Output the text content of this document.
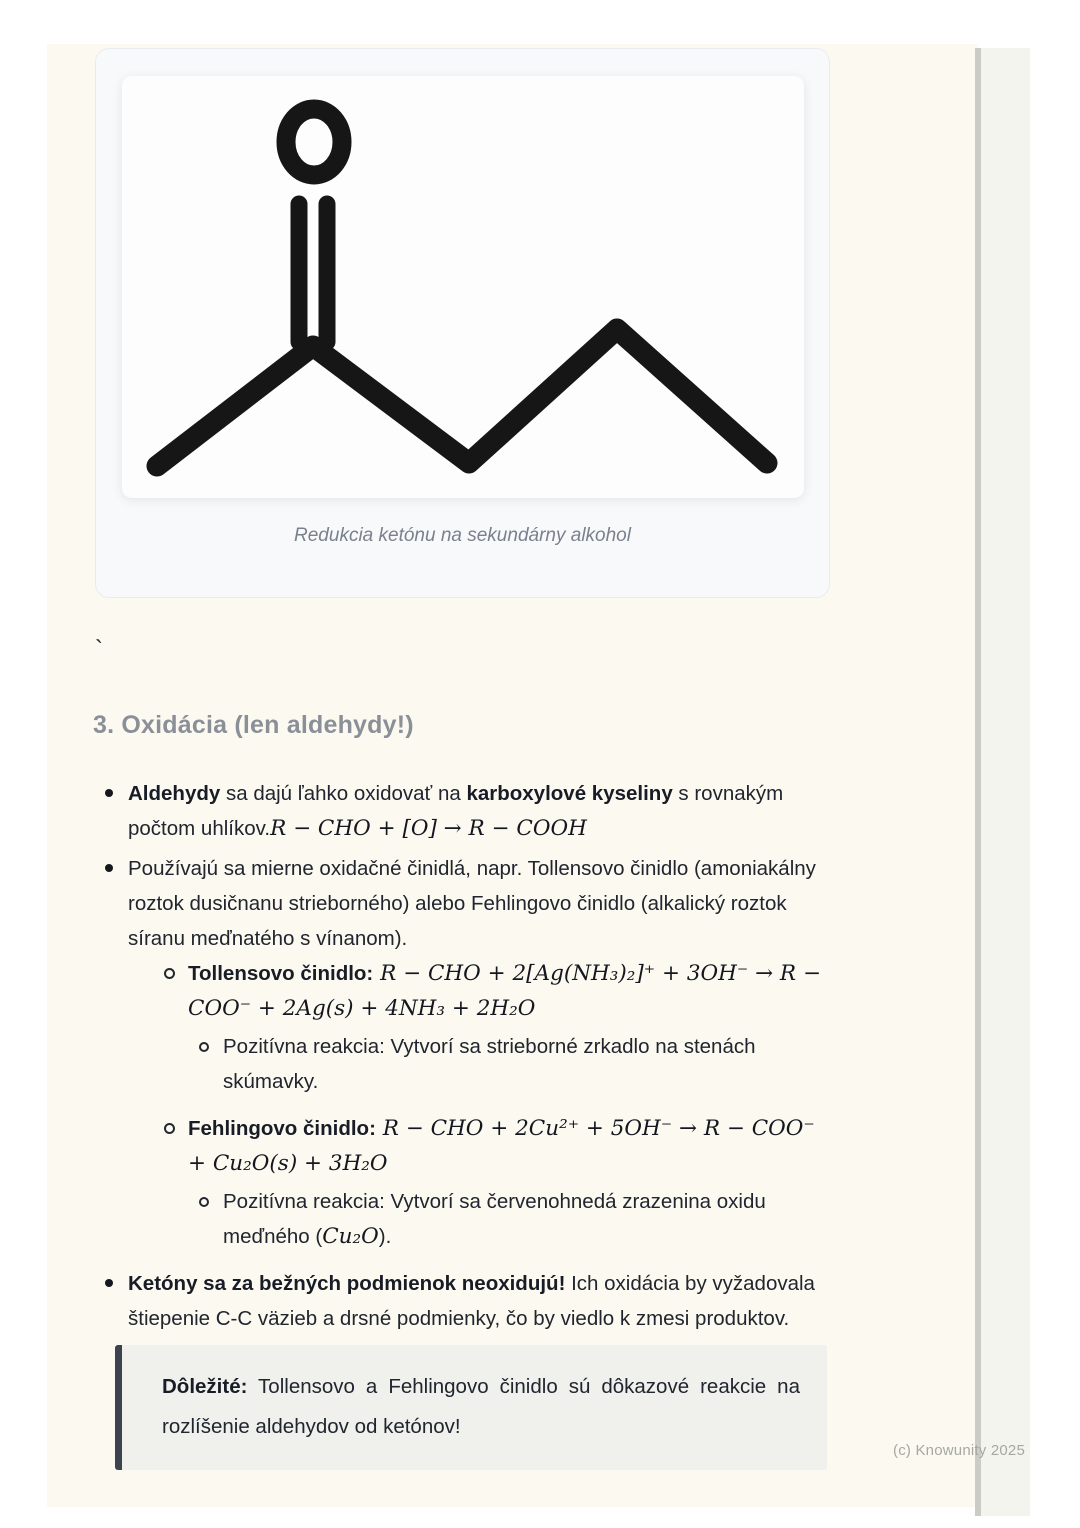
Redukcia ketónu na sekundárny alkohol
`
3. Oxidácia (len aldehydy!)
Aldehydy sa dajú ľahko oxidovať na karboxylové kyseliny s rovnakým počtom uhlíkov.R − CHO + [O] → R − COOH
Používajú sa mierne oxidačné činidlá, napr. Tollensovo činidlo (amoniakálny roztok dusičnanu strieborného) alebo Fehlingovo činidlo (alkalický roztok síranu meďnatého s vínanom).
Tollensovo činidlo: R − CHO + 2[Ag(NH₃)₂]⁺ + 3OH⁻ → R − COO⁻ + 2Ag(s) + 4NH₃ + 2H₂O
Pozitívna reakcia: Vytvorí sa strieborné zrkadlo na stenách skúmavky.
Fehlingovo činidlo: R − CHO + 2Cu²⁺ + 5OH⁻ → R − COO⁻ + Cu₂O(s) + 3H₂O
Pozitívna reakcia: Vytvorí sa červenohnedá zrazenina oxidu meďného (Cu₂O).
Ketóny sa za bežných podmienok neoxidujú! Ich oxidácia by vyžadovala štiepenie C-C väzieb a drsné podmienky, čo by viedlo k zmesi produktov.

Dôležité: Tollensovo a Fehlingovo činidlo sú dôkazové reakcie na rozlíšenie aldehydov od ketónov!

(c) Knowunity 2025
